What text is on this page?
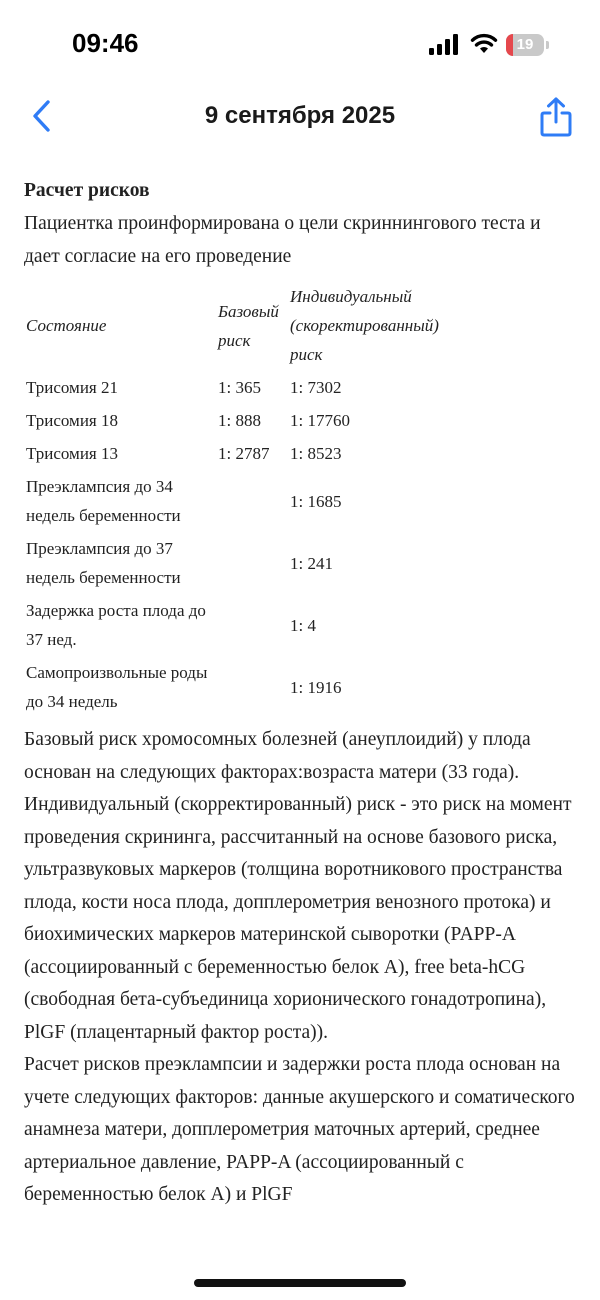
09:46	19
9 сентября 2025
Расчет рисков

Пациентка проинформирована о цели скриннингового теста и дает согласие на его проведение

Состояние	Базовый риск	Индивидуальный (скоректированный) риск
Трисомия 21	1: 365	1: 7302
Трисомия 18	1: 888	1: 17760
Трисомия 13	1: 2787	1: 8523
Преэклампсия до 34 недель беременности		1: 1685
Преэклампсия до 37 недель беременности		1: 241
Задержка роста плода до 37 нед.		1: 4
Самопроизвольные роды до 34 недель		1: 1916

Базовый риск хромосомных болезней (анеуплоидий) у плода основан на следующих факторах:возраста матери (33 года). Индивидуальный (скорректированный) риск - это риск на момент проведения скрининга, рассчитанный на основе базового риска, ультразвуковых маркеров (толщина воротникового пространства плода, кости носа плода, допплерометрия венозного протока) и биохимических маркеров материнской сыворотки (PAPP-A (ассоциированный с беременностью белок А), free beta-hCG (свободная бета-субъединица хорионического гонадотропина), PlGF (плацентарный фактор роста)).

Расчет рисков преэклампсии и задержки роста плода основан на учете следующих факторов: данные акушерского и соматического анамнеза матери, допплерометрия маточных артерий, среднее артериальное давление, PAPP-A (ассоциированный с беременностью белок А) и PlGF
